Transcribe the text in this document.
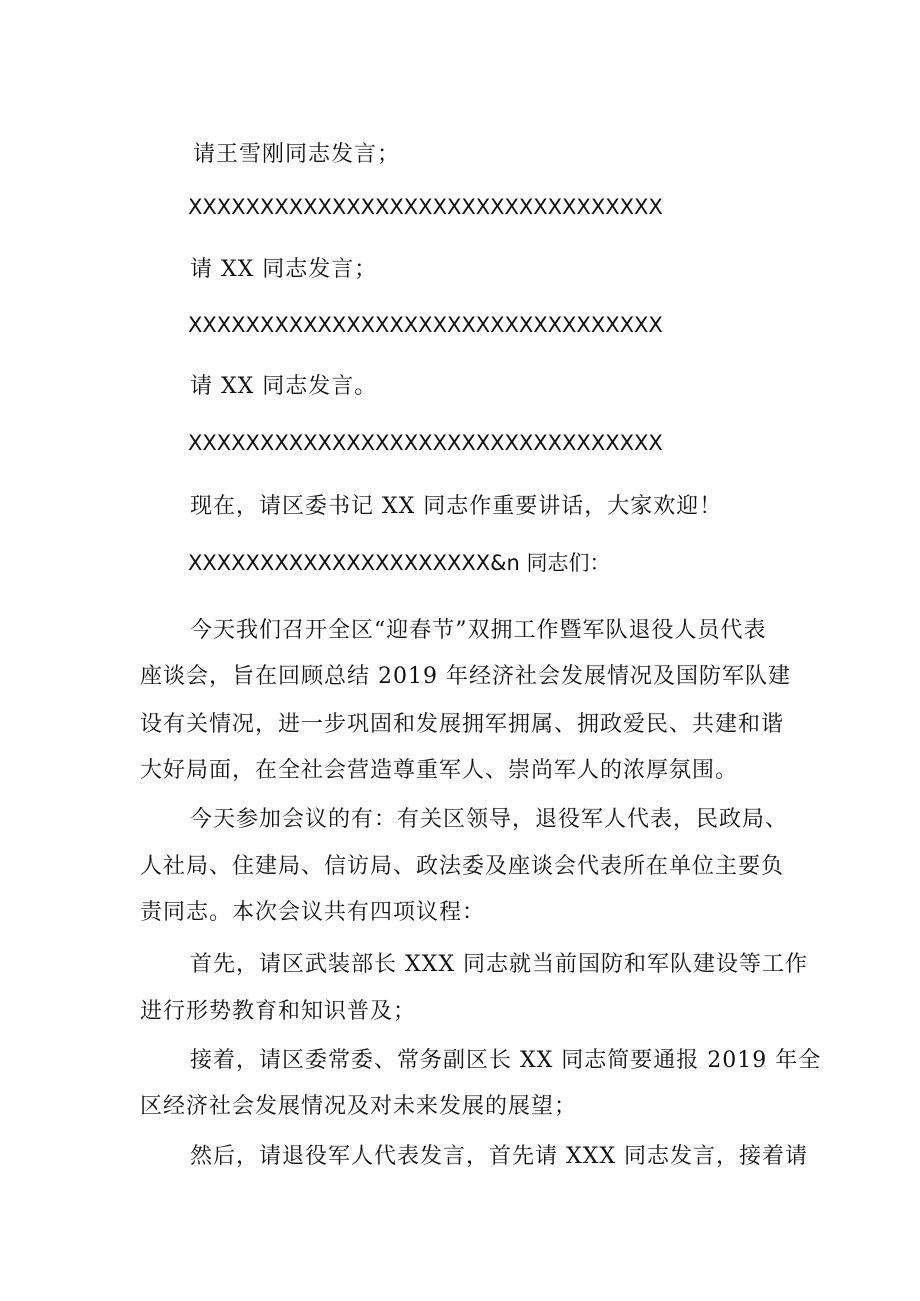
请王雪刚同志发言；
XXXXXXXXXXXXXXXXXXXXXXXXXXXXXXXXX
请 XX 同志发言；
XXXXXXXXXXXXXXXXXXXXXXXXXXXXXXXXX
请 XX 同志发言。
XXXXXXXXXXXXXXXXXXXXXXXXXXXXXXXXX
现在，请区委书记 XX 同志作重要讲话，大家欢迎！
XXXXXXXXXXXXXXXXXXXXX&n 同志们：
今天我们召开全区“迎春节”双拥工作暨军队退役人员代表
座谈会，旨在回顾总结 2019 年经济社会发展情况及国防军队建
设有关情况，进一步巩固和发展拥军拥属、拥政爱民、共建和谐
大好局面，在全社会营造尊重军人、崇尚军人的浓厚氛围。
今天参加会议的有：有关区领导，退役军人代表，民政局、
人社局、住建局、信访局、政法委及座谈会代表所在单位主要负
责同志。本次会议共有四项议程：
首先，请区武装部长 XXX 同志就当前国防和军队建设等工作
进行形势教育和知识普及；
接着，请区委常委、常务副区长 XX 同志简要通报 2019 年全
区经济社会发展情况及对未来发展的展望；
然后，请退役军人代表发言，首先请 XXX 同志发言，接着请
